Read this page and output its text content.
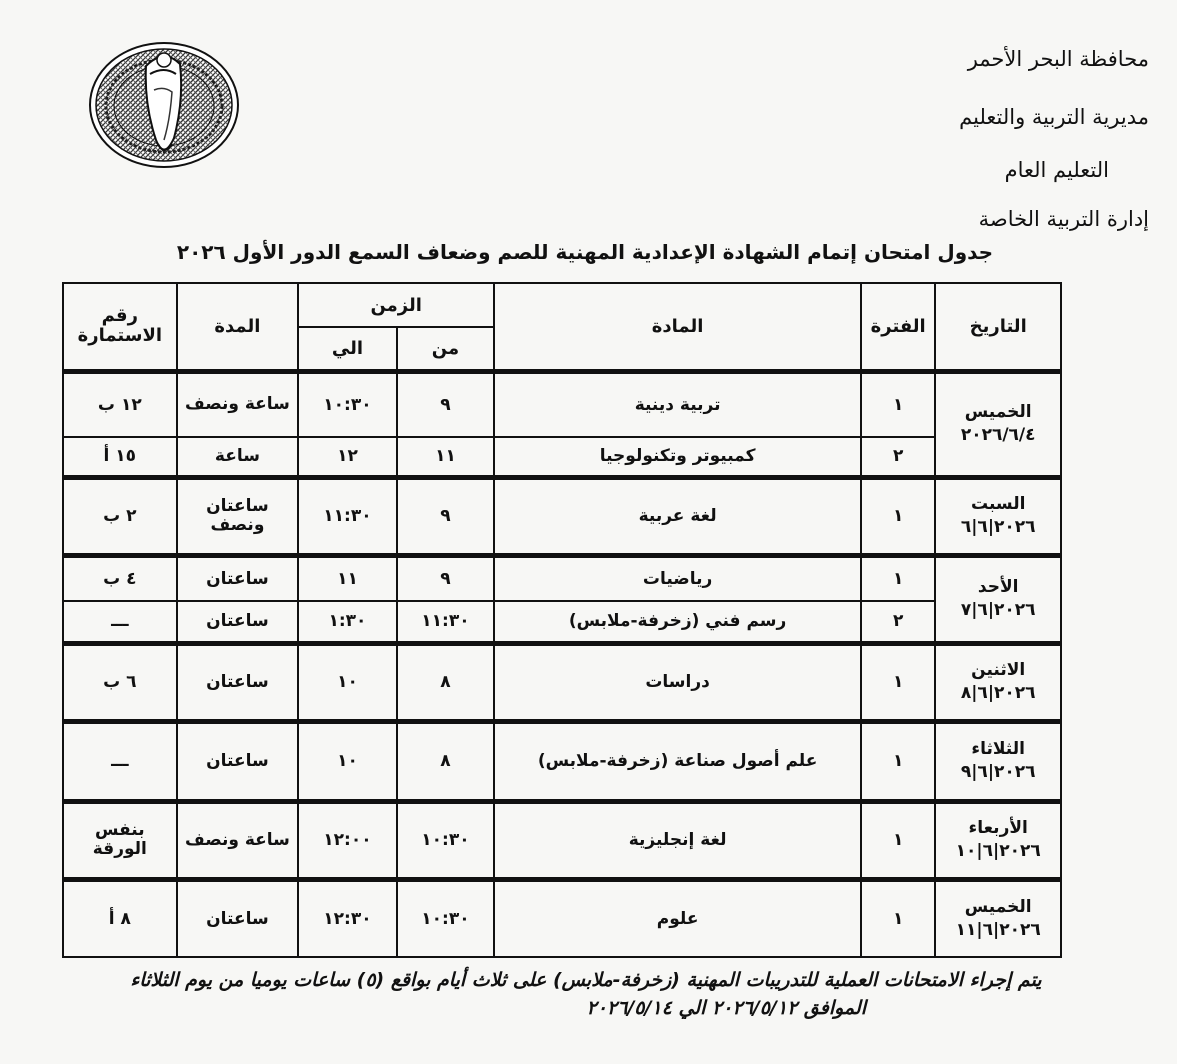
محافظة البحر الأحمر
مديرية التربية والتعليم
التعليم العام
إدارة التربية الخاصة
جدول امتحان إتمام الشهادة الإعدادية المهنية للصم وضعاف السمع الدور الأول ٢٠٢٦
التاريخ	الفترة	المادة	الزمن		المدة	رقم الاستمارة
			من	الي		

الخميس
٢٠٢٦/٦/٤	١	تربية دينية	٩	١٠:٣٠	ساعة ونصف	١٢ ب
	٢	كمبيوتر وتكنولوجيا	١١	١٢	ساعة	١٥ أ

السبت
٢٠٢٦|٦|٦	١	لغة عربية	٩	١١:٣٠	ساعتان ونصف	٢ ب

الأحد
٢٠٢٦|٦|٧	١	رياضيات	٩	١١	ساعتان	٤ ب
	٢	رسم فني (زخرفة-ملابس)	١١:٣٠	١:٣٠	ساعتان	ـــ

الاثنين
٢٠٢٦|٦|٨	١	دراسات	٨	١٠	ساعتان	٦ ب

الثلاثاء
٢٠٢٦|٦|٩	١	علم أصول صناعة (زخرفة-ملابس)	٨	١٠	ساعتان	ـــ

الأربعاء
٢٠٢٦|٦|١٠	١	لغة إنجليزية	١٠:٣٠	١٢:٠٠	ساعة ونصف	بنفس الورقة

الخميس
٢٠٢٦|٦|١١	١	علوم	١٠:٣٠	١٢:٣٠	ساعتان	٨ أ
يتم إجراء الامتحانات العملية للتدريبات المهنية (زخرفة-ملابس) على ثلاث أيام بواقع (٥) ساعات يوميا من يوم الثلاثاء
الموافق ٢٠٢٦/٥/١٢ الي ٢٠٢٦/٥/١٤
